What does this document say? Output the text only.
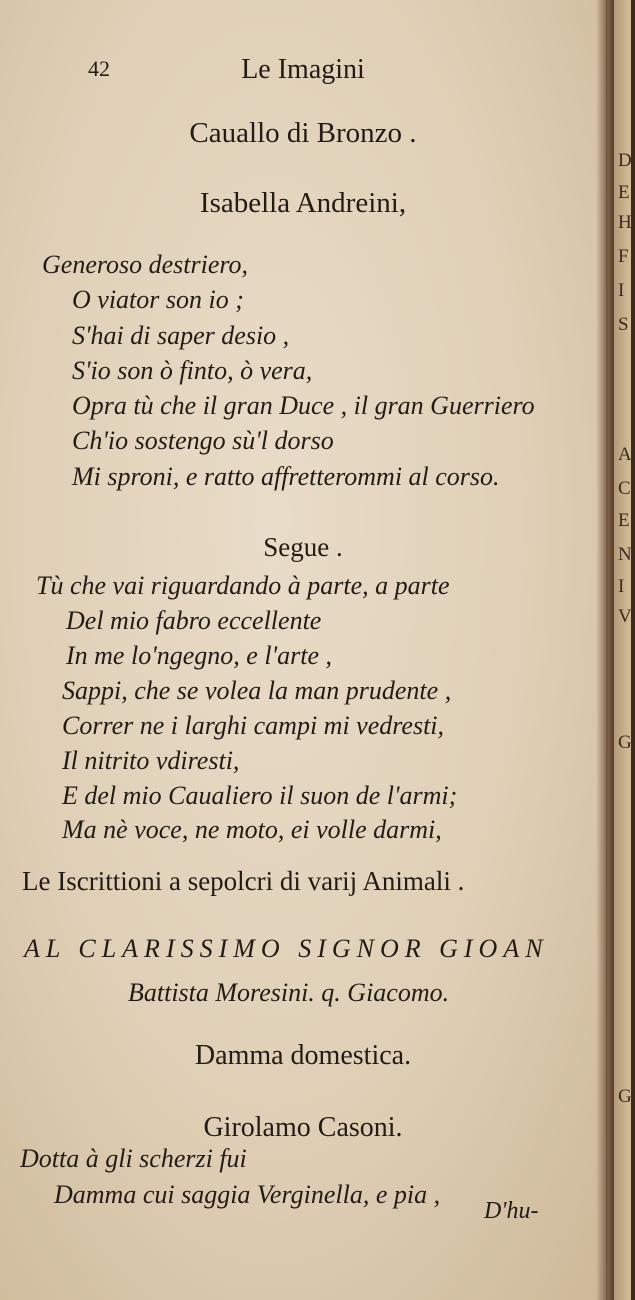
42	Le Imagini
Cauallo di Bronzo .
Isabella Andreini,
Generoso destriero,
O viator son io ;
S'hai di saper desio ,
S'io son ò finto, ò vera,
Opra tù che il gran Duce , il gran Guerriero
Ch'io sostengo sù'l dorso
Mi sproni, e ratto affretterommi al corso.
Segue .
Tù che vai riguardando à parte, a parte
Del mio fabro eccellente
In me lo'ngegno, e l'arte ,
Sappi, che se volea la man prudente ,
Correr ne i larghi campi mi vedresti,
Il nitrito vdiresti,
E del mio Caualiero il suon de l'armi;
Ma nè voce, ne moto, ei volle darmi,
Le Iscrittioni a sepolcri di varij Animali .
AL CLARISSIMO SIGNOR GIOAN
Battista Moresini. q. Giacomo.
Damma domestica.
Girolamo Casoni.
Dotta à gli scherzi fui
Damma cui saggia Verginella, e pia ,
D'hu-
D'
E
H
F
I
S
A
C
E
N
I
V
G
G
